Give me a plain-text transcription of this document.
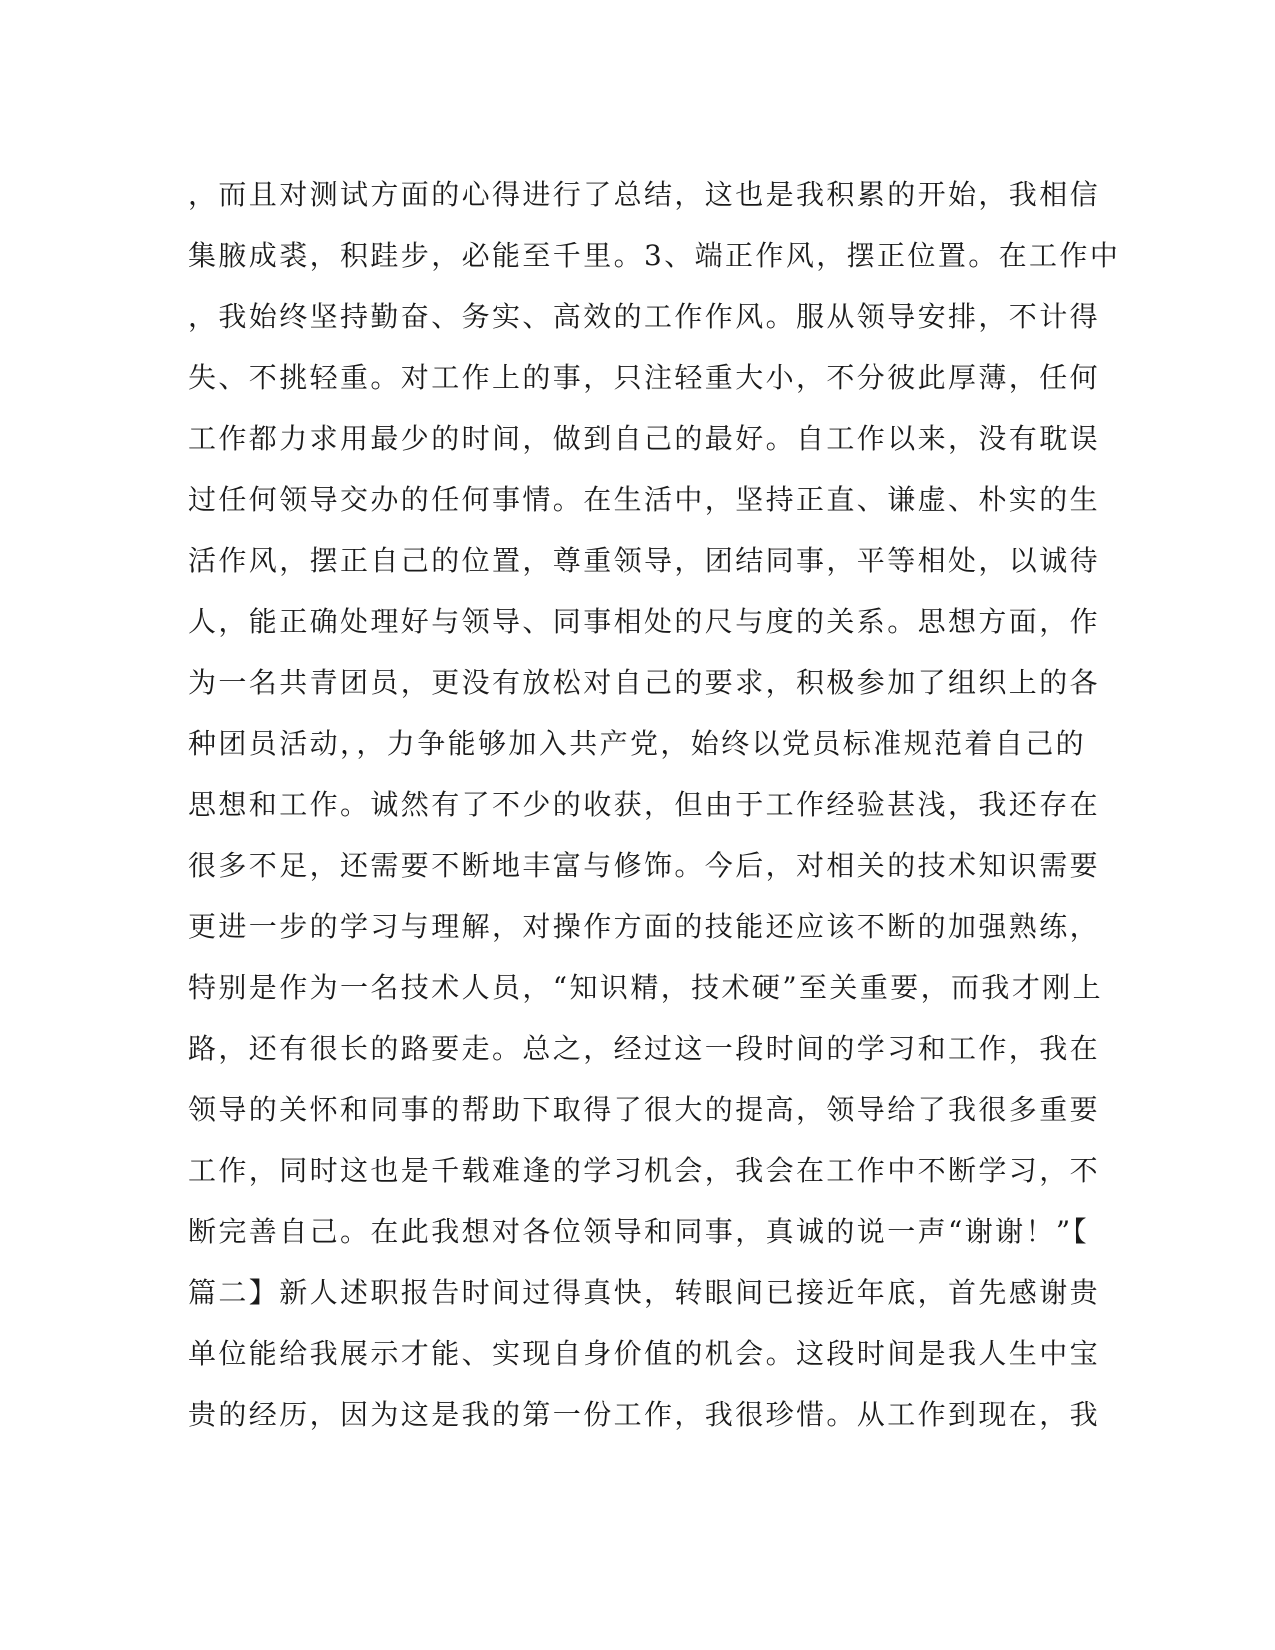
，而且对测试方面的心得进行了总结，这也是我积累的开始，我相信
集腋成裘，积跬步，必能至千里。3、端正作风，摆正位置。在工作中
，我始终坚持勤奋、务实、高效的工作作风。服从领导安排，不计得
失、不挑轻重。对工作上的事，只注轻重大小，不分彼此厚薄，任何
工作都力求用最少的时间，做到自己的最好。自工作以来，没有耽误
过任何领导交办的任何事情。在生活中，坚持正直、谦虚、朴实的生
活作风，摆正自己的位置，尊重领导，团结同事，平等相处，以诚待
人，能正确处理好与领导、同事相处的尺与度的关系。思想方面，作
为一名共青团员，更没有放松对自己的要求，积极参加了组织上的各
种团员活动，，力争能够加入共产党，始终以党员标准规范着自己的
思想和工作。诚然有了不少的收获，但由于工作经验甚浅，我还存在
很多不足，还需要不断地丰富与修饰。今后，对相关的技术知识需要
更进一步的学习与理解，对操作方面的技能还应该不断的加强熟练，
特别是作为一名技术人员，“知识精，技术硬”至关重要，而我才刚上
路，还有很长的路要走。总之，经过这一段时间的学习和工作，我在
领导的关怀和同事的帮助下取得了很大的提高，领导给了我很多重要
工作，同时这也是千载难逢的学习机会，我会在工作中不断学习，不
断完善自己。在此我想对各位领导和同事，真诚的说一声“谢谢！”【
篇二】新人述职报告时间过得真快，转眼间已接近年底，首先感谢贵
单位能给我展示才能、实现自身价值的机会。这段时间是我人生中宝
贵的经历，因为这是我的第一份工作，我很珍惜。从工作到现在，我
